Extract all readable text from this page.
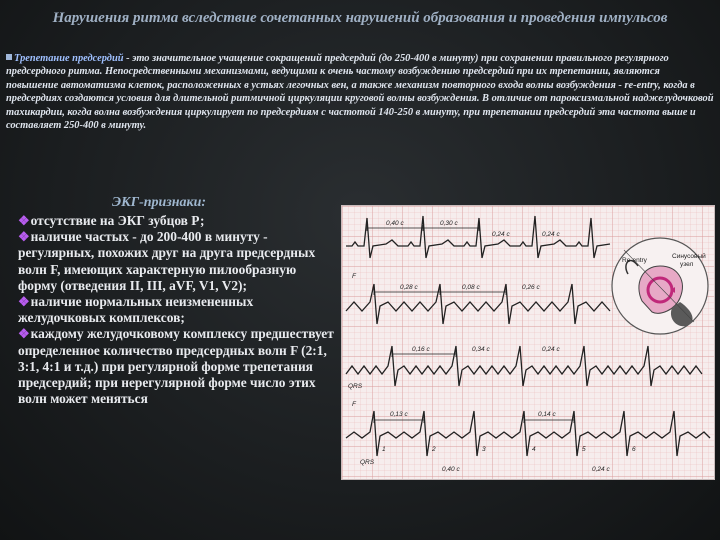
Нарушения ритма вследствие сочетанных нарушений образования и проведения импульсов
Трепетание предсердий - это значительное учащение сокращений предсердий (до 250-400 в минуту) при сохранении правильного регулярного предсердного ритма. Непосредственными механизмами, ведущими к очень частому возбуждению предсердий при их трепетании, являются повышение автоматизма клеток, расположенных в устьях легочных вен, а также механизм повторного входа волны возбуждения - re-entry, когда в предсердиях создаются условия для длительной ритмичной циркуляции круговой волны возбуждения. В отличие от пароксизмальной наджелудочковой тахикардии, когда волна возбуждения циркулирует по предсердиям с частотой 140-250 в минуту, при трепетании предсердий эта частота выше и составляет 250-400 в минуту.
ЭКГ-признаки:

❖отсутствие на ЭКГ зубцов Р;

❖наличие частых - до 200-400 в минуту - регулярных, похожих друг на друга предсердных волн F, имеющих характерную пилообразную форму (отведения II, III, aVF, V1, V2);

❖наличие нормальных неизмененных желудочковых комплексов;

❖каждому желудочковому комплексу предшествует определенное количество предсердных волн F (2:1, 3:1, 4:1 и т.д.) при регулярной форме трепетания предсердий; при нерегулярной форме число этих волн может меняться

0,40 с	0,30 с
0,24 с	0,24 с
0,28 с	0,08 с	0,26 с
0,16 с	0,34 с	0,24 с
0,13 с	0,14 с
0,40 с	0,24 с
F
F
QRS
QRS
1	2	3	4	5	6
Re-entry
Синусовый
узел
